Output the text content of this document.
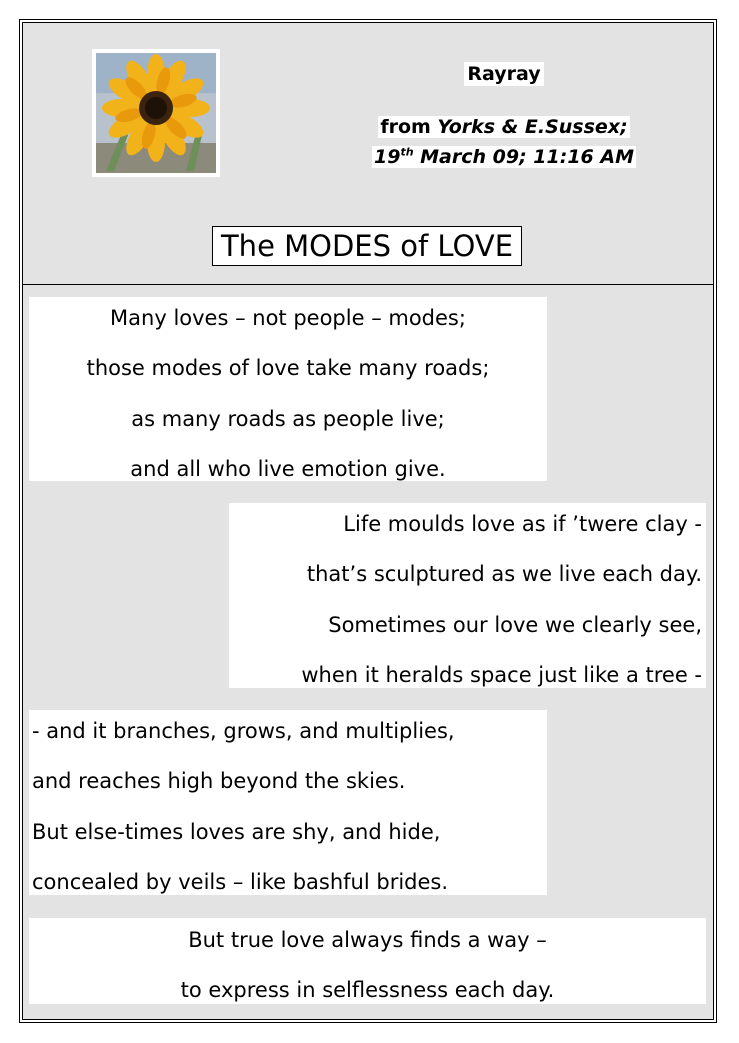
Rayray
from Yorks & E.Sussex;
19th March 09; 11:16 AM
The MODES of LOVE
Many loves – not people – modes;
those modes of love take many roads;
as many roads as people live;
and all who live emotion give.
Life moulds love as if ’twere clay -
that’s sculptured as we live each day.
Sometimes our love we clearly see,
when it heralds space just like a tree -
- and it branches, grows, and multiplies,
and reaches high beyond the skies.
But else-times loves are shy, and hide,
concealed by veils – like bashful brides.
But true love always finds a way –
to express in selflessness each day.
